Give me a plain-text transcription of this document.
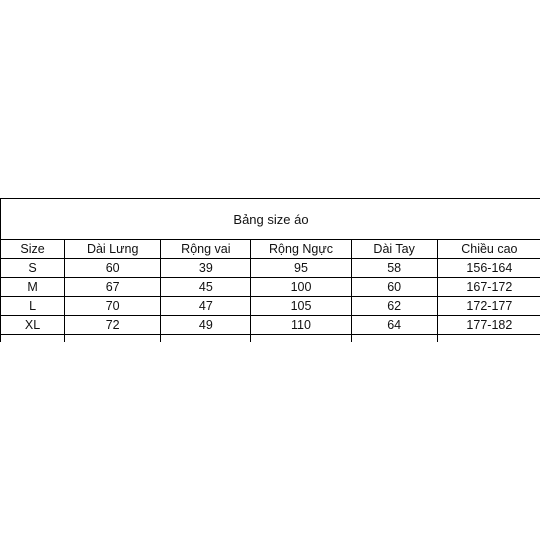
Bảng size áo					
Size	Dài Lưng	Rộng vai	Rộng Ngực	Dài Tay	Chiều cao
S	60	39	95	58	156-164
M	67	45	100	60	167-172
L	70	47	105	62	172-177
XL	72	49	110	64	177-182
